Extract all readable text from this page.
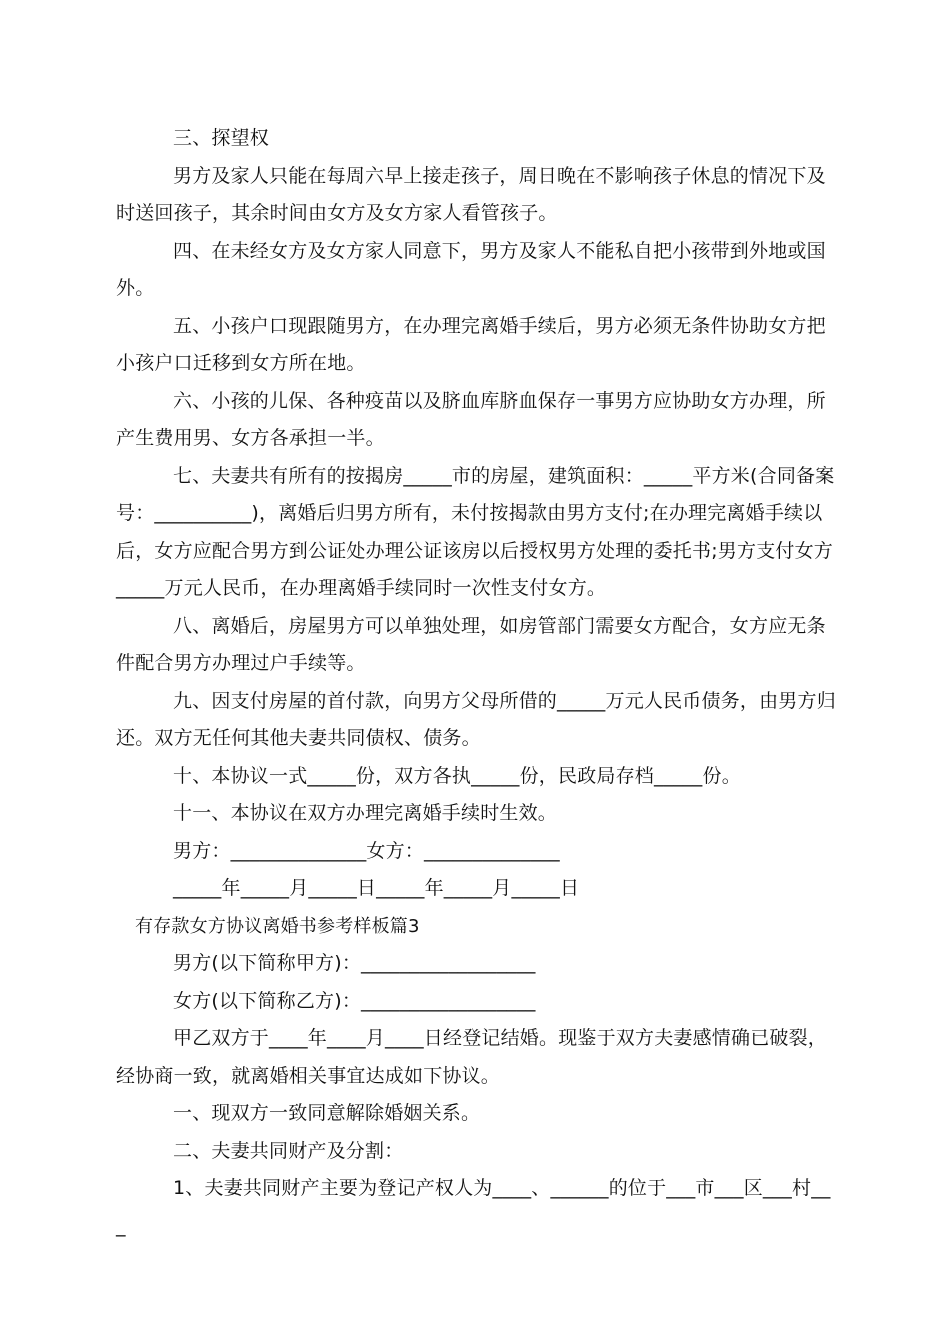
三、探望权

男方及家人只能在每周六早上接走孩子，周日晚在不影响孩子休息的情况下及时送回孩子，其余时间由女方及女方家人看管孩子。

四、在未经女方及女方家人同意下，男方及家人不能私自把小孩带到外地或国外。

五、小孩户口现跟随男方，在办理完离婚手续后，男方必须无条件协助女方把小孩户口迁移到女方所在地。

六、小孩的儿保、各种疫苗以及脐血库脐血保存一事男方应协助女方办理，所产生费用男、女方各承担一半。

七、夫妻共有所有的按揭房_____市的房屋，建筑面积：_____平方米(合同备案号：__________)，离婚后归男方所有，未付按揭款由男方支付;在办理完离婚手续以后，女方应配合男方到公证处办理公证该房以后授权男方处理的委托书;男方支付女方_____万元人民币，在办理离婚手续同时一次性支付女方。

八、离婚后，房屋男方可以单独处理，如房管部门需要女方配合，女方应无条件配合男方办理过户手续等。

九、因支付房屋的首付款，向男方父母所借的_____万元人民币债务，由男方归还。双方无任何其他夫妻共同债权、债务。

十、本协议一式_____份，双方各执_____份，民政局存档_____份。

十一、本协议在双方办理完离婚手续时生效。

男方：______________女方：______________

_____年_____月_____日_____年_____月_____日

有存款女方协议离婚书参考样板篇3

男方(以下简称甲方)：__________________

女方(以下简称乙方)：__________________

甲乙双方于____年____月____日经登记结婚。现鉴于双方夫妻感情确已破裂，经协商一致，就离婚相关事宜达成如下协议。

一、现双方一致同意解除婚姻关系。

二、夫妻共同财产及分割：

1、夫妻共同财产主要为登记产权人为____、______的位于___市___区___村___
